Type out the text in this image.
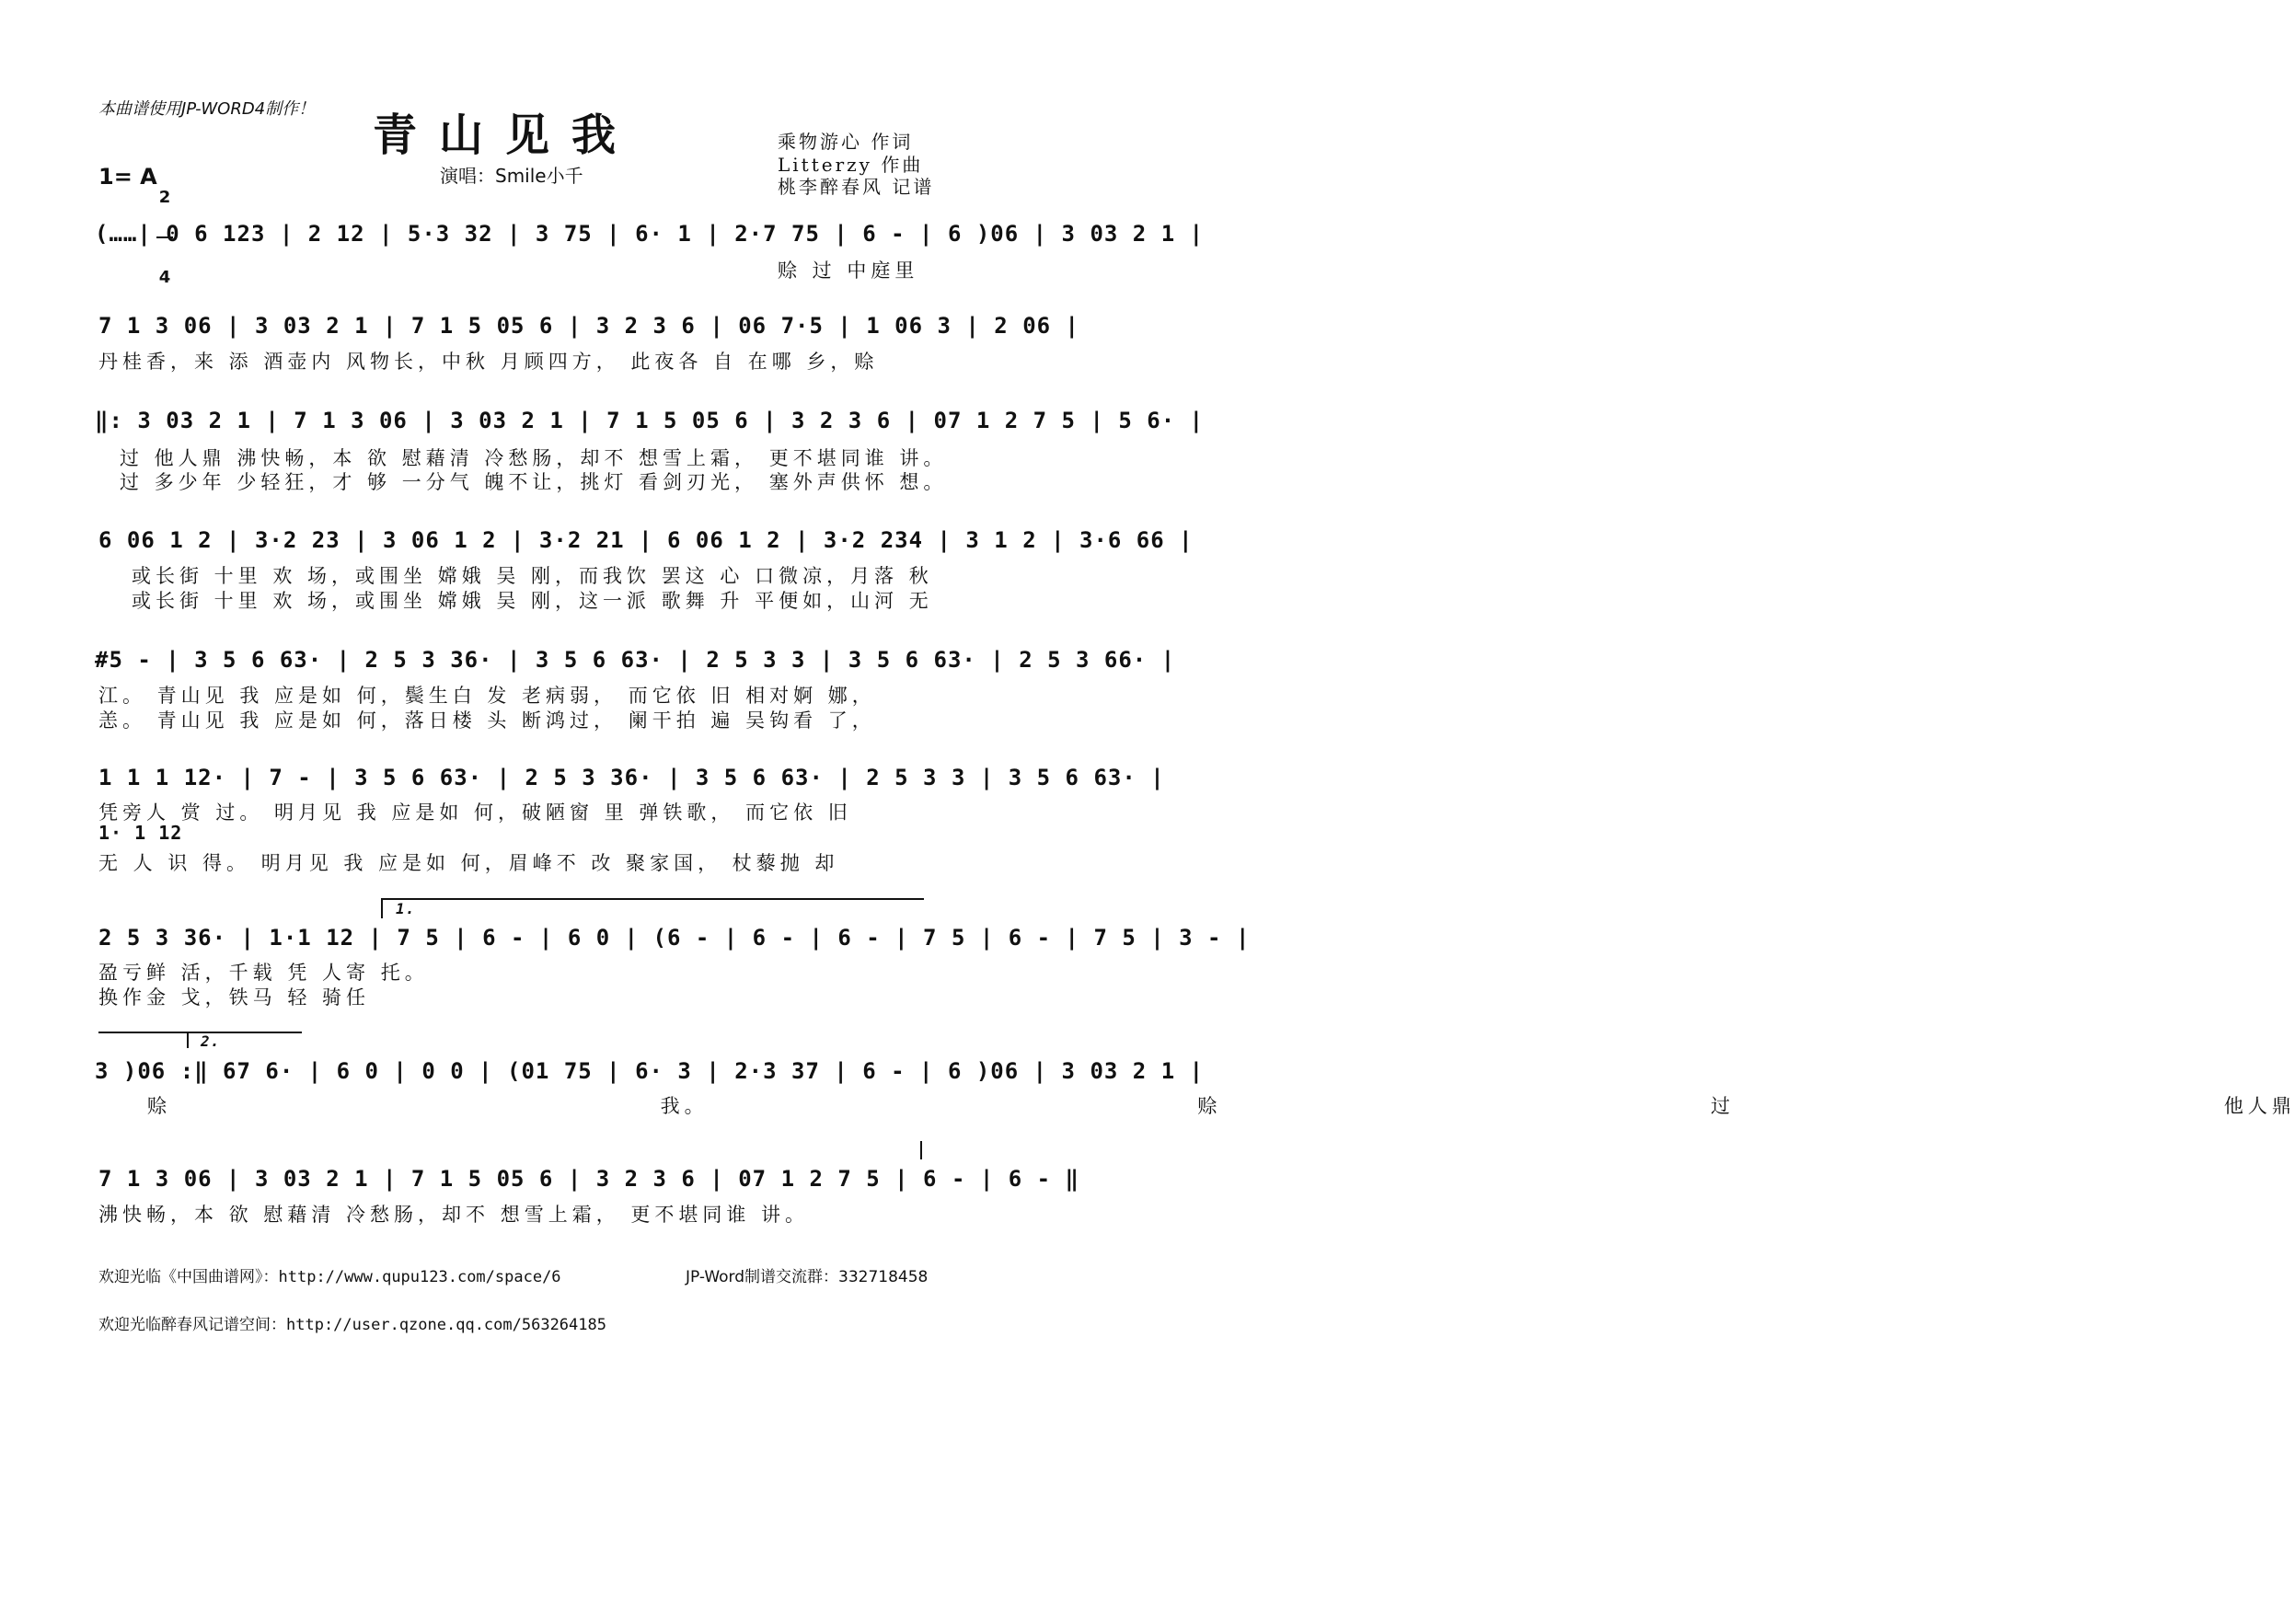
本曲谱使用JP-WORD4制作！
青山见我	乘物游心 作词
Litterzy 作曲
桃李醉春风 记谱
演唱：Smile小千
1= A

2

4

(……| 0 6 123 | 2 12 | 5·3 32 | 3 75 | 6· 1 | 2·7 75 | 6 - | 6 )06 | 3 03 2 1 |
赊 过 中庭里
7 1 3 06 | 3 03 2 1 | 7 1 5 05 6 | 3 2 3 6 | 06 7·5 | 1 06 3 | 2 06 |
丹桂香，来 添 酒壶内 风物长，中秋 月顾四方， 此夜各 自 在哪 乡，赊
‖: 3 03 2 1 | 7 1 3 06 | 3 03 2 1 | 7 1 5 05 6 | 3 2 3 6 | 07 1 2 7 5 | 5 6· |
过 他人鼎 沸快畅，本 欲 慰藉清 冷愁肠，却不 想雪上霜， 更不堪同谁 讲。
过 多少年 少轻狂，才 够 一分气 魄不让，挑灯 看剑刃光， 塞外声供怀 想。
6 06 1 2 | 3·2 23 | 3 06 1 2 | 3·2 21 | 6 06 1 2 | 3·2 234 | 3 1 2 | 3·6 66 |
或长街 十里 欢 场，或围坐 嫦娥 吴 刚，而我饮 罢这 心 口微凉，月落 秋
或长街 十里 欢 场，或围坐 嫦娥 吴 刚，这一派 歌舞 升 平便如，山河 无
#5 - | 3 5 6 63· | 2 5 3 36· | 3 5 6 63· | 2 5 3 3 | 3 5 6 63· | 2 5 3 66· |
江。 青山见 我 应是如 何，鬓生白 发 老病弱， 而它依 旧 相对婀 娜，
恙。 青山见 我 应是如 何，落日楼 头 断鸿过， 阑干拍 遍 吴钩看 了，
1 1 1 12· | 7 - | 3 5 6 63· | 2 5 3 36· | 3 5 6 63· | 2 5 3 3 | 3 5 6 63· |
凭旁人 赏 过。 明月见 我 应是如 何，破陋窗 里 弹铁歌， 而它依 旧
1· 1 12
无 人 识 得。 明月见 我 应是如 何，眉峰不 改 聚家国， 杖藜抛 却
1.
2 5 3 36· | 1·1 12 | 7 5 | 6 - | 6 0 | (6 - | 6 - | 6 - | 7 5 | 6 - | 7 5 | 3 - |
盈亏鲜 活，千载 凭 人寄 托。
换作金 戈，铁马 轻 骑任
2.
3 )06 :‖ 67 6· | 6 0 | 0 0 | (01 75 | 6· 3 | 2·3 37 | 6 - | 6 )06 | 3 03 2 1 |
赊 我。 赊 过 他人鼎
7 1 3 06 | 3 03 2 1 | 7 1 5 05 6 | 3 2 3 6 | 07 1 2 7 5 | 6 - | 6 - ‖
沸快畅，本 欲 慰藉清 冷愁肠，却不 想雪上霜， 更不堪同谁 讲。
欢迎光临《中国曲谱网》：http://www.qupu123.com/space/6	JP-Word制谱交流群：332718458
欢迎光临醉春风记谱空间：http://user.qzone.qq.com/563264185
